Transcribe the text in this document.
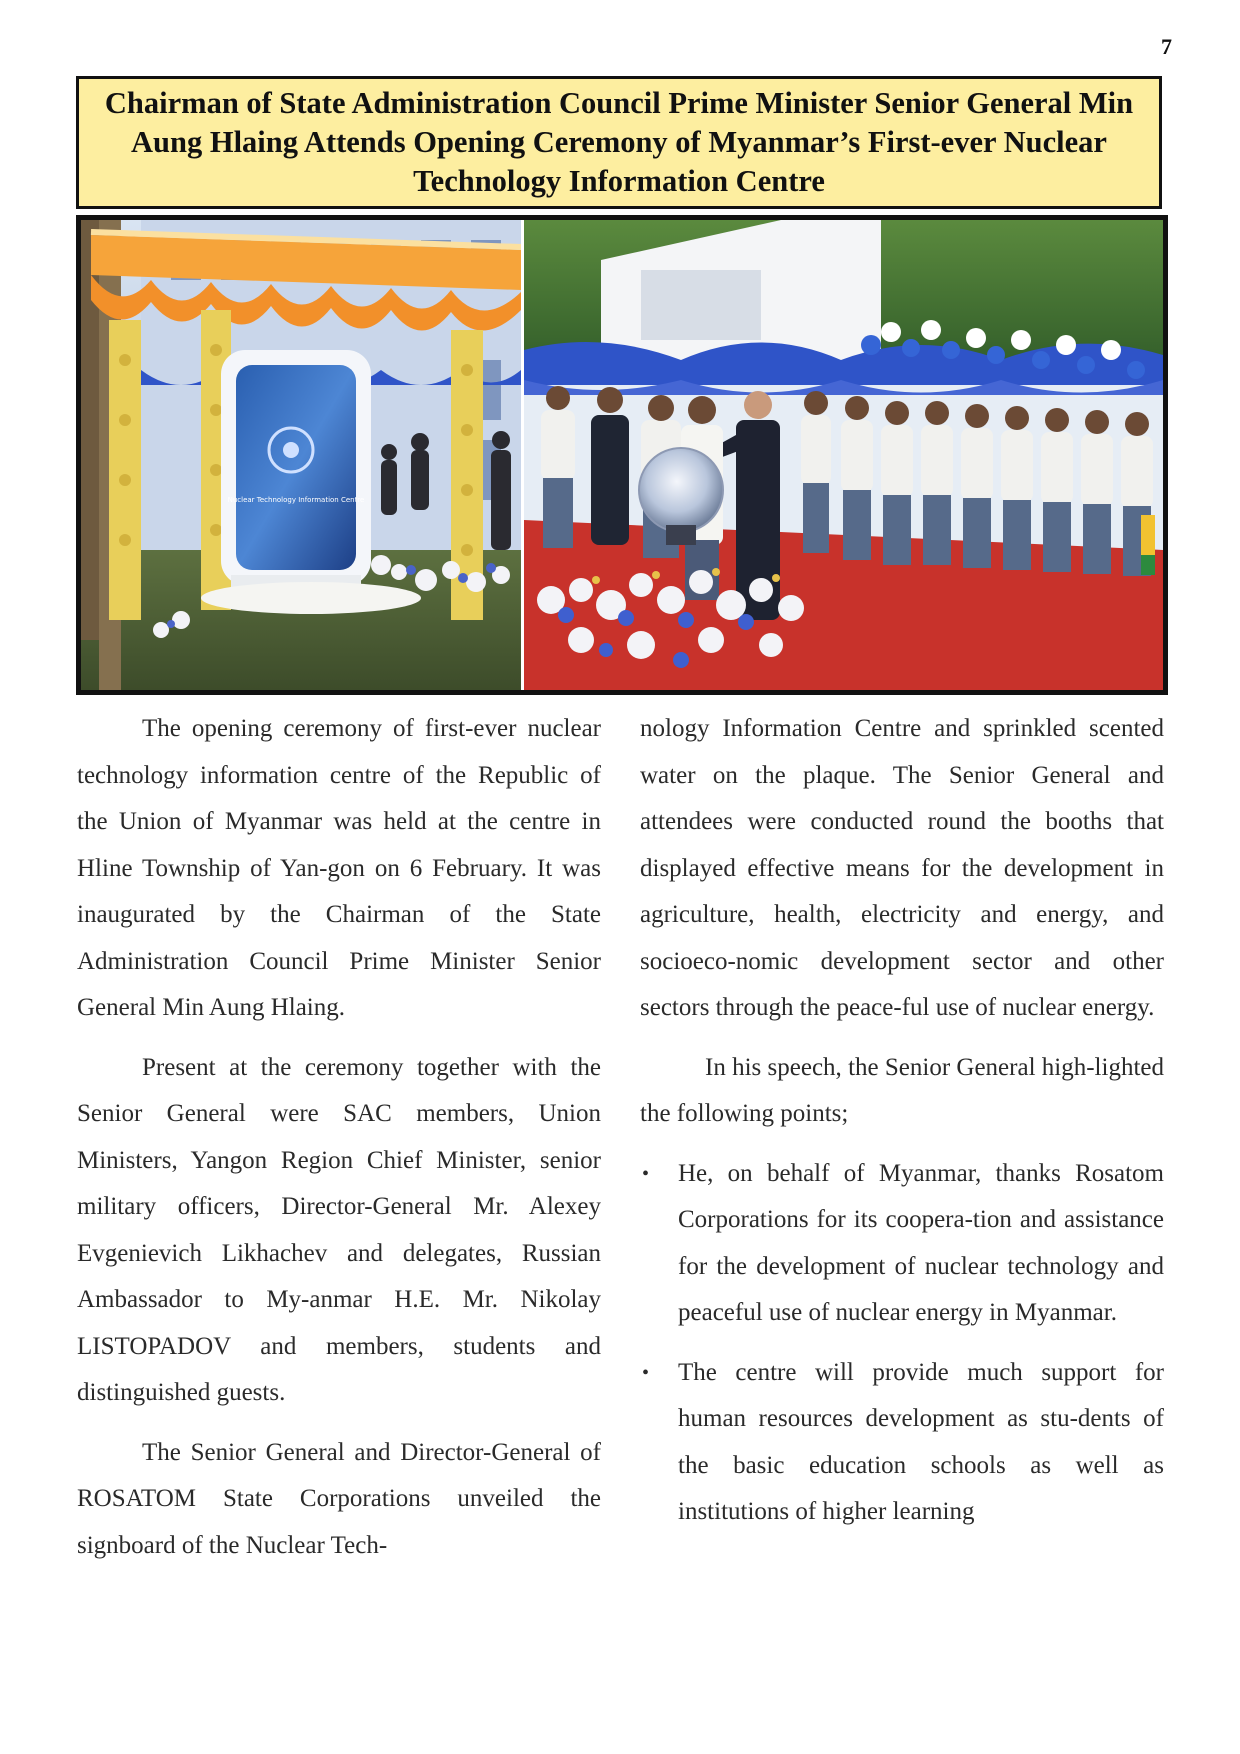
7
Chairman of State Administration Council Prime Minister Senior General Min Aung Hlaing Attends Opening Ceremony of Myanmar’s First-ever Nuclear Technology Information Centre
Nuclear Technology Information Centre

The opening ceremony of first-ever nuclear technology information centre of the Republic of the Union of Myanmar was held at the centre in Hline Township of Yan-gon on 6 February. It was inaugurated by the Chairman of the State Administration Council Prime Minister Senior General Min Aung Hlaing.

Present at the ceremony together with the Senior General were SAC members, Union Ministers, Yangon Region Chief Minister, senior military officers, Director-General Mr. Alexey Evgenievich Likhachev and delegates, Russian Ambassador to My-anmar H.E. Mr. Nikolay LISTOPADOV and members, students and distinguished guests.

The Senior General and Director-General of ROSATOM State Corporations unveiled the signboard of the Nuclear Tech-

nology Information Centre and sprinkled scented water on the plaque. The Senior General and attendees were conducted round the booths that displayed effective means for the development in agriculture, health, electricity and energy, and socioeco-nomic development sector and other sectors through the peace-ful use of nuclear energy.

In his speech, the Senior General high-lighted the following points;

• He, on behalf of Myanmar, thanks Rosatom Corporations for its coopera-tion and assistance for the development of nuclear technology and peaceful use of nuclear energy in Myanmar.
• The centre will provide much support for human resources development as stu-dents of the basic education schools as well as institutions of higher learning
